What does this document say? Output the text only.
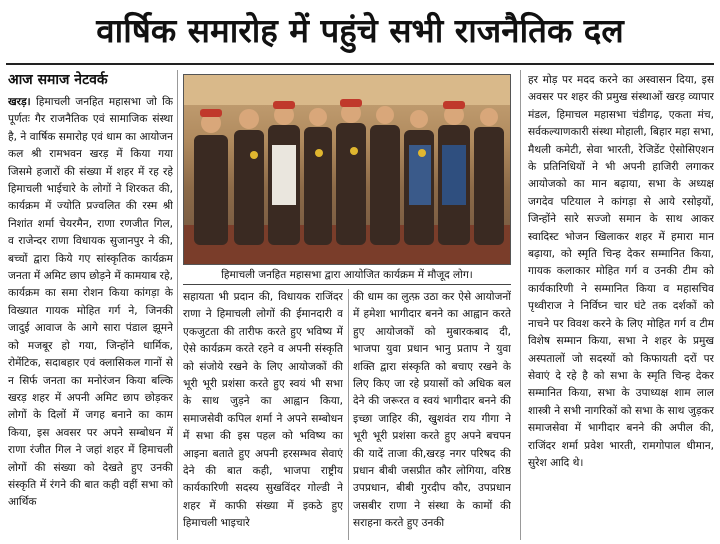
वार्षिक समारोह में पहुंचे सभी राजनैतिक दल
आज समाज नेटवर्क

खरड़। हिमाचली जनहित महासभा जो कि पूर्णतः गैर राजनैतिक एवं सामाजिक संस्था है, ने वार्षिक समारोह एवं धाम का आयोजन कल श्री रामभवन खरड़ में किया गया जिसमे हजारों की संख्या में शहर में रह रहे हिमाचली भाईचारे के लोगों ने शिरकत की, कार्यक्रम में ज्योति प्रज्वलित की रस्म श्री निशांत शर्मा चेयरमैन, राणा रणजीत गिल, व राजेन्दर राणा विधायक सुजानपुर ने की, बच्चों द्वारा किये गए सांस्कृतिक कार्यक्रम जनता में अमिट छाप छोड़ने में कामयाब रहे, कार्यक्रम का समा रोशन किया कांगड़ा के विख्यात गायक मोहित गर्ग ने, जिनकी जादुई आवाज के आगे सारा पंडाल झूमने को मजबूर हो गया, जिन्होंने धार्मिक, रोमेंटिक, सदाबहार एवं क्लासिकल गानों से न सिर्फ जनता का मनोरंजन किया बल्कि खरड़ शहर में अपनी अमिट छाप छोड़कर लोगों के दिलों में जगह बनाने का काम किया, इस अवसर पर अपने सम्बोधन में राणा रंजीत गिल ने जहां शहर में हिमाचली लोगों की संख्या को देखते हुए उनकी संस्कृति में रंगने की बात कही वहीं सभा को आर्थिक

हिमाचली जनहित महासभा द्वारा आयोजित कार्यक्रम में मौजूद लोग।

सहायता भी प्रदान की, विधायक राजिंदर राणा ने हिमाचली लोगों की ईमानदारी व एकजुटता की तारीफ करते हुए भविष्य में ऐसे कार्यक्रम करते रहने व अपनी संस्कृति को संजोये रखने के लिए आयोजकों की भूरी भूरी प्रशंसा करते हुए स्वयं भी सभा के साथ जुड़ने का आह्वान किया, समाजसेवी कपिल शर्मा ने अपने सम्बोधन में सभा की इस पहल को भविष्य का आइना बताते हुए अपनी हरसम्भव सेवाएं देने की बात कही, भाजपा राष्ट्रीय कार्यकारिणी सदस्य सुखविंदर गोल्डी ने शहर में काफी संख्या में इकठे हुए हिमाचली भाइचारे

की धाम का लुत्फ़ उठा कर ऐसे आयोजनों में हमेशा भागीदार बनने का आह्वान करते हुए आयोजकों को मुबारकबाद दी, भाजपा युवा प्रधान भानु प्रताप ने युवा शक्ति द्वारा संस्कृति को बचाए रखने के लिए किए जा रहे प्रयासों को अधिक बल देने की जरूरत व स्वयं भागीदार बनने की इच्छा जाहिर की, खुशवंत राय गीगा ने भूरी भूरी प्रशंसा करते हुए अपने बचपन की यादें ताजा की,खरड़ नगर परिषद की प्रधान बीबी जसप्रीत कौर लोगिया, वरिष्ठ उपप्रधान, बीबी गुरदीप कौर, उपप्रधान जसबीर राणा ने संस्था के कामों की सराहना करते हुए उनकी

हर मोड़ पर मदद करने का अस्वासन दिया, इस अवसर पर शहर की प्रमुख संस्थाओं खरड़ व्यापार मंडल, हिमाचल महासभा चंडीगढ़, एकता मंच, सर्वकल्याणकारी संस्था मोहाली, बिहार महा सभा, मैथली कमेटी, सेवा भारती, रेजिडेंट ऐसोसिएशन के प्रतिनिधियों ने भी अपनी हाजिरी लगाकर आयोजको का मान बढ़ाया, सभा के अध्यक्ष जगदेव पटियाल ने कांगड़ा से आये रसोइयों, जिन्होंने सारे सज्जो समान के साथ आकर स्वादिस्ट भोजन खिलाकर शहर में हमारा मान बढ़ाया, को स्मृति चिन्ह देकर सम्मानित किया, गायक कलाकार मोहित गर्ग व उनकी टीम को कार्यकारिणी ने सम्मानित किया व महासचिव पृथ्वीराज ने निर्विघ्न चार घंटे तक दर्शकों को नाचने पर विवश करने के लिए मोहित गर्ग व टीम विशेष सम्मान किया, सभा ने शहर के प्रमुख अस्पतालों जो सदस्यों को किफायती दरों पर सेवाएं दे रहे है को सभा के स्मृति चिन्ह देकर सम्मानित किया, सभा के उपाध्यक्ष शाम लाल शास्त्री ने सभी नागरिकों को सभा के साथ जुड़कर समाजसेवा में भागीदार बनने की अपील की, राजिंदर शर्मा प्रवेश भारती, रामगोपाल धीमान, सुरेश आदि थे।
